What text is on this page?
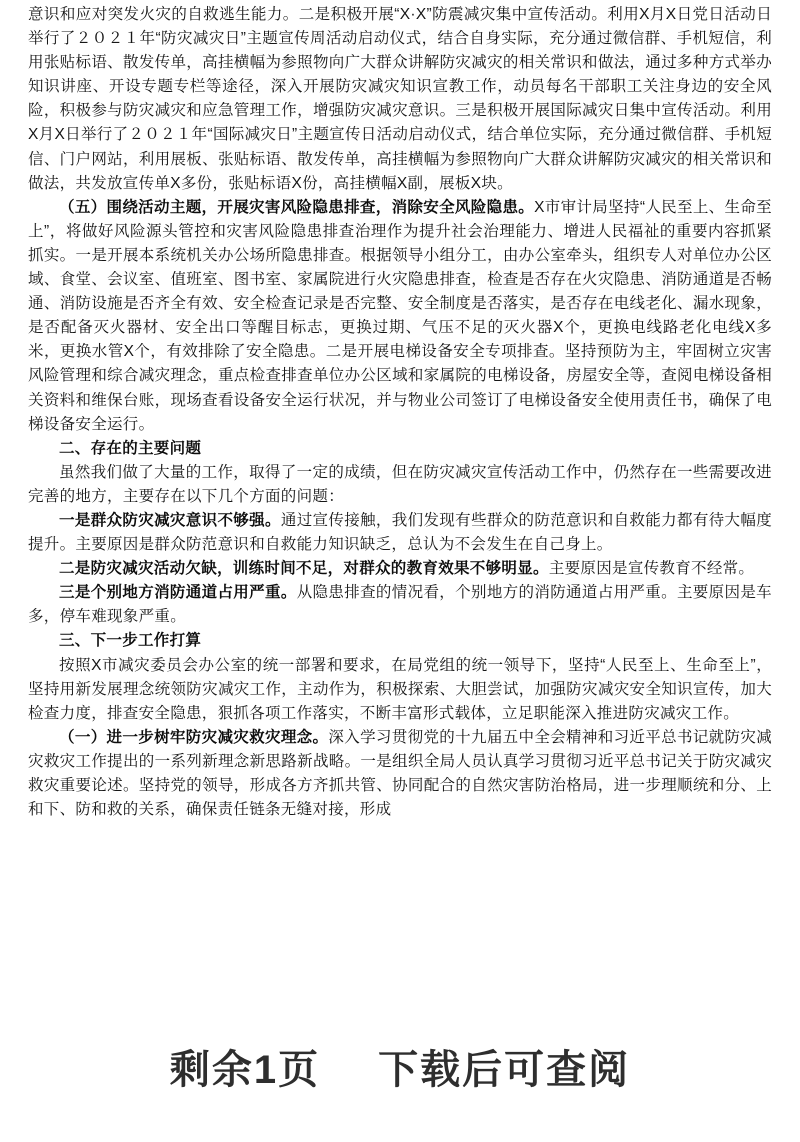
意识和应对突发火灾的自救逃生能力。二是积极开展“X·X”防震减灾集中宣传活动。利用X月X日党日活动日举行了２０２１年“防灾减灾日”主题宣传周活动启动仪式，结合自身实际，充分通过微信群、手机短信，利用张贴标语、散发传单，高挂横幅为参照物向广大群众讲解防灾减灾的相关常识和做法，通过多种方式举办知识讲座、开设专题专栏等途径，深入开展防灾减灾知识宣教工作，动员每名干部职工关注身边的安全风险，积极参与防灾减灾和应急管理工作，增强防灾减灾意识。三是积极开展国际减灾日集中宣传活动。利用X月X日举行了２０２１年“国际减灾日”主题宣传日活动启动仪式，结合单位实际，充分通过微信群、手机短信、门户网站，利用展板、张贴标语、散发传单，高挂横幅为参照物向广大群众讲解防灾减灾的相关常识和做法，共发放宣传单X多份，张贴标语X份，高挂横幅X副，展板X块。

（五）围绕活动主题，开展灾害风险隐患排查，消除安全风险隐患。X市审计局坚持“人民至上、生命至上”，将做好风险源头管控和灾害风险隐患排查治理作为提升社会治理能力、增进人民福祉的重要内容抓紧抓实。一是开展本系统机关办公场所隐患排查。根据领导小组分工，由办公室牵头，组织专人对单位办公区域、食堂、会议室、值班室、图书室、家属院进行火灾隐患排查，检查是否存在火灾隐患、消防通道是否畅通、消防设施是否齐全有效、安全检查记录是否完整、安全制度是否落实，是否存在电线老化、漏水现象，是否配备灭火器材、安全出口等醒目标志，更换过期、气压不足的灭火器X个，更换电线路老化电线X多米，更换水管X个，有效排除了安全隐患。二是开展电梯设备安全专项排查。坚持预防为主，牢固树立灾害风险管理和综合减灾理念，重点检查排查单位办公区域和家属院的电梯设备，房屋安全等，查阅电梯设备相关资料和维保台账，现场查看设备安全运行状况，并与物业公司签订了电梯设备安全使用责任书，确保了电梯设备安全运行。

二、存在的主要问题

虽然我们做了大量的工作，取得了一定的成绩，但在防灾减灾宣传活动工作中，仍然存在一些需要改进完善的地方，主要存在以下几个方面的问题：

一是群众防灾减灾意识不够强。通过宣传接触，我们发现有些群众的防范意识和自救能力都有待大幅度提升。主要原因是群众防范意识和自救能力知识缺乏，总认为不会发生在自己身上。

二是防灾减灾活动欠缺，训练时间不足，对群众的教育效果不够明显。主要原因是宣传教育不经常。

三是个别地方消防通道占用严重。从隐患排查的情况看，个别地方的消防通道占用严重。主要原因是车多，停车难现象严重。

三、下一步工作打算

按照X市减灾委员会办公室的统一部署和要求，在局党组的统一领导下，坚持“人民至上、生命至上”，坚持用新发展理念统领防灾减灾工作，主动作为，积极探索、大胆尝试，加强防灾减灾安全知识宣传，加大检查力度，排查安全隐患，狠抓各项工作落实，不断丰富形式载体，立足职能深入推进防灾减灾工作。

（一）进一步树牢防灾减灾救灾理念。深入学习贯彻党的十九届五中全会精神和习近平总书记就防灾减灾救灾工作提出的一系列新理念新思路新战略。一是组织全局人员认真学习贯彻习近平总书记关于防灾减灾救灾重要论述。坚持党的领导，形成各方齐抓共管、协同配合的自然灾害防治格局，进一步理顺统和分、上和下、防和救的关系，确保责任链条无缝对接，形成

剩余1页 下载后可查阅
